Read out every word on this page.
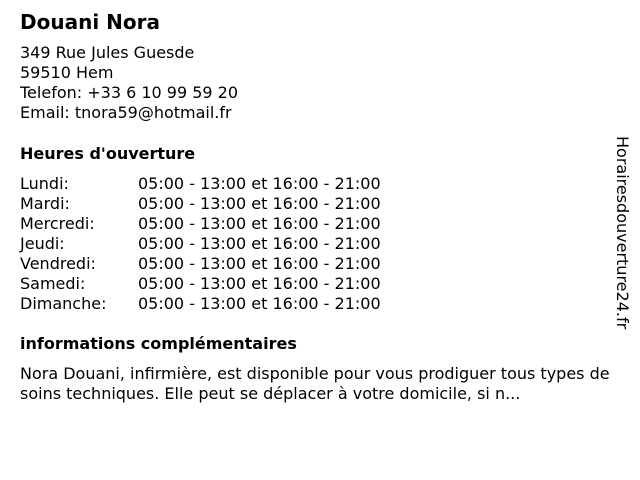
Douani Nora
349 Rue Jules Guesde
59510 Hem
Telefon: +33 6 10 99 59 20
Email: tnora59@hotmail.fr
Heures d'ouverture
Lundi:	05:00 - 13:00 et 16:00 - 21:00
Mardi:	05:00 - 13:00 et 16:00 - 21:00
Mercredi:	05:00 - 13:00 et 16:00 - 21:00
Jeudi:	05:00 - 13:00 et 16:00 - 21:00
Vendredi:	05:00 - 13:00 et 16:00 - 21:00
Samedi:	05:00 - 13:00 et 16:00 - 21:00
Dimanche:	05:00 - 13:00 et 16:00 - 21:00
informations complémentaires
Nora Douani, infirmière, est disponible pour vous prodiguer tous types de soins techniques. Elle peut se déplacer à votre domicile, si n...
Horairesdouverture24.fr
